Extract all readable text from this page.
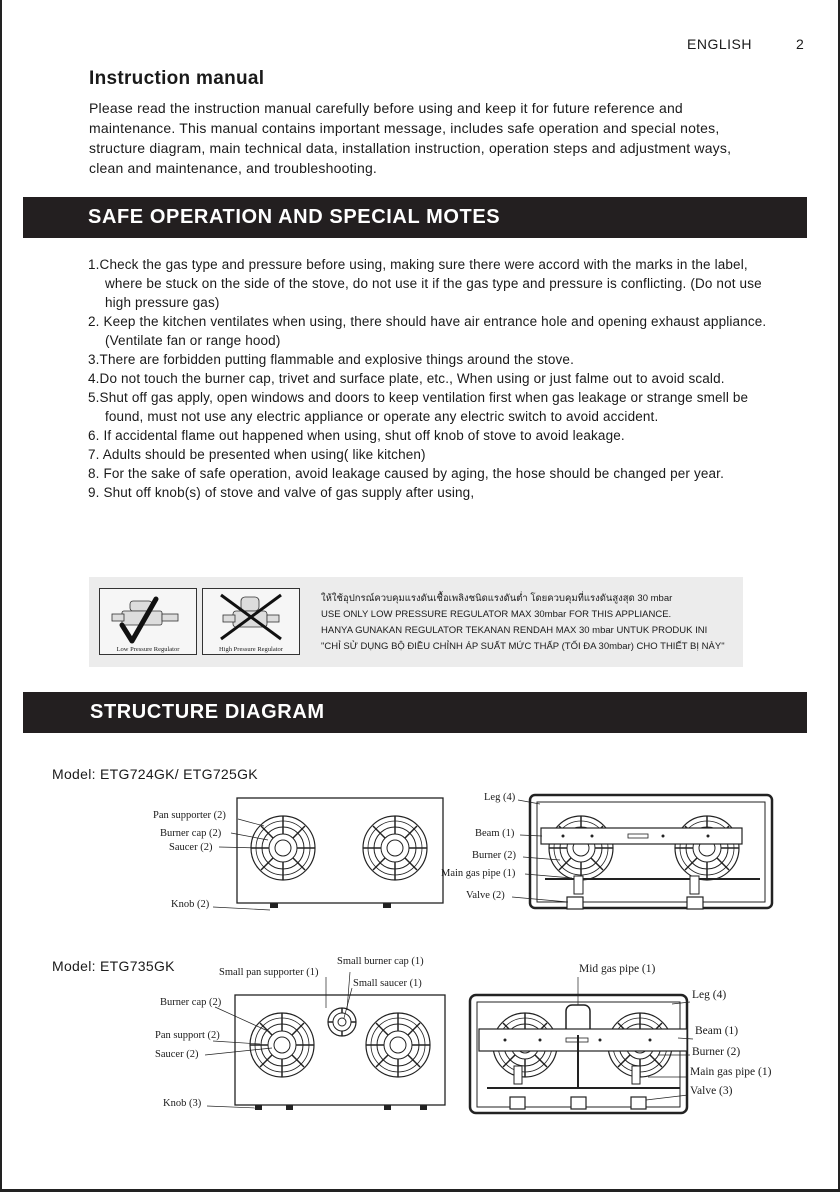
ENGLISH	2
Instruction manual
Please read the instruction manual carefully before using and keep it for future reference and maintenance. This manual contains important message, includes safe operation and special notes, structure diagram, main technical data, installation instruction, operation steps and adjustment ways, clean and maintenance, and troubleshooting.
SAFE OPERATION AND SPECIAL MOTES
1.Check the gas type and pressure before using, making sure there were accord with the marks in the label, where be stuck on the side of the stove, do not use it if the gas type and pressure is conflicting. (Do not use high pressure gas)
2. Keep the kitchen ventilates when using, there should have air entrance hole and opening exhaust appliance. (Ventilate fan or range hood)
3.There are forbidden putting flammable and explosive things around the stove.
4.Do not touch the burner cap, trivet and surface plate, etc., When using or just falme out to avoid scald.
5.Shut off gas apply, open windows and doors to keep ventilation first when gas leakage or strange smell be found, must not use any electric appliance or operate any electric switch to avoid accident.
6. If accidental flame out happened when using, shut off knob of stove to avoid leakage.
7. Adults should be presented when using( like kitchen)
8. For the sake of safe operation, avoid leakage caused by aging, the hose should be changed per year.
9. Shut off knob(s) of stove and valve of gas supply after using,
Low Pressure Regulator	High Pressure Regulator
ให้ใช้อุปกรณ์ควบคุมแรงดันเชื้อเพลิงชนิดแรงดันต่ำ โดยควบคุมที่แรงดันสูงสุด 30 mbar
USE ONLY LOW PRESSURE REGULATOR MAX 30mbar FOR THIS APPLIANCE.
HANYA GUNAKAN REGULATOR TEKANAN RENDAH MAX 30 mbar UNTUK PRODUK INI
"CHỈ SỬ DỤNG BỘ ĐIỀU CHỈNH ÁP SUẤT MỨC THẤP (TỐI ĐA 30mbar) CHO THIẾT BỊ NÀY"
STRUCTURE DIAGRAM
Model: ETG724GK/ ETG725GK
Model: ETG735GK
Pan supporter (2)
Burner cap (2)
Saucer (2)
Knob (2)
Leg (4)
Beam (1)
Burner (2)
Main gas pipe (1)
Valve (2)
Small burner cap (1)
Small pan supporter (1)
Small saucer (1)
Burner cap (2)
Pan support (2)
Saucer (2)
Knob (3)
Mid gas pipe (1)
Leg (4)
Beam (1)
Burner (2)
Main gas pipe (1)
Valve (3)
